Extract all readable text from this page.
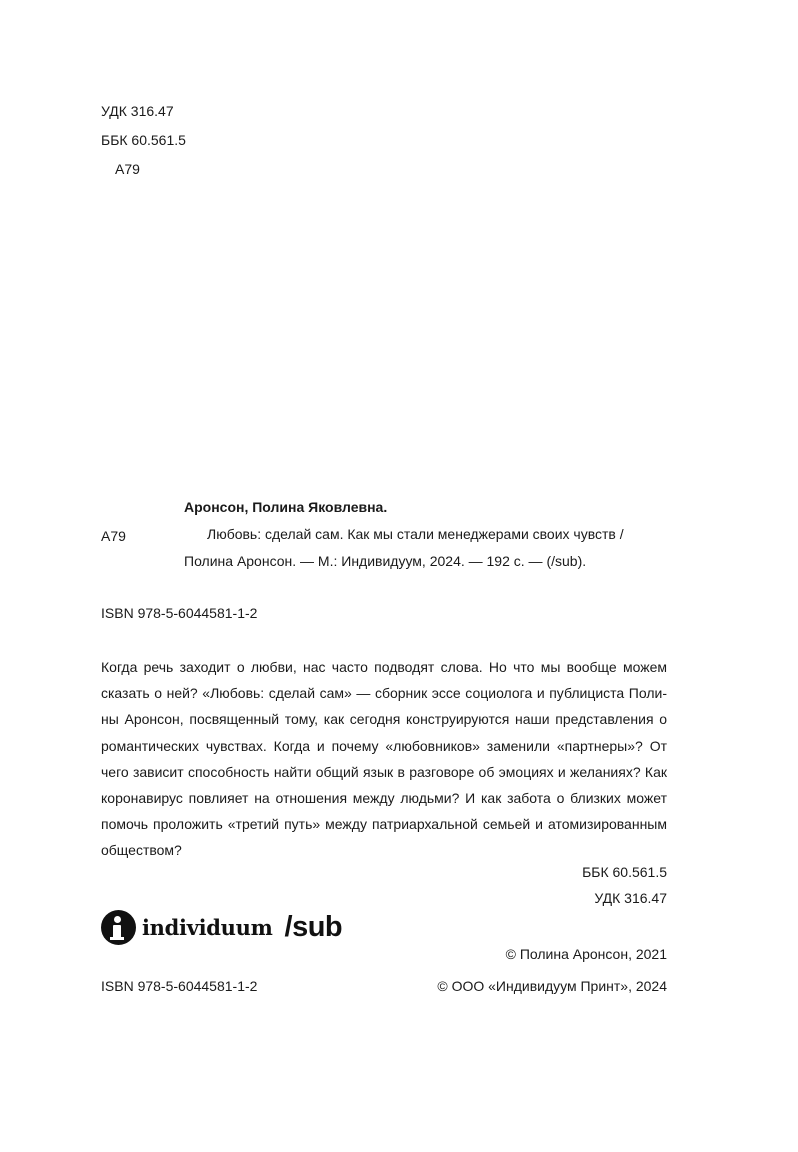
УДК 316.47
ББК 60.561.5
А79
Аронсон, Полина Яковлевна.
А79	Любовь: сделай сам. Как мы стали менеджерами своих чувств /
Полина Аронсон. — М.: Индивидуум, 2024. — 192 с. — (/sub).
ISBN 978-5-6044581-1-2
Когда речь заходит о любви, нас часто подводят слова. Но что мы вообще можем сказать о ней? «Любовь: сделай сам» — сборник эссе социолога и публициста Полины Аронсон, посвященный тому, как сегодня конструируются наши представления о романтических чувствах. Когда и почему «любовников» заменили «партнеры»? От чего зависит способность найти общий язык в разговоре об эмоциях и желаниях? Как коронавирус повлияет на отношения между людьми? И как забота о близких может помочь проложить «третий путь» между патриархальной семьей и атомизированным обществом?
ББК 60.561.5
УДК 316.47
individuum /sub
© Полина Аронсон, 2021
ISBN 978-5-6044581-1-2	© ООО «Индивидуум Принт», 2024
